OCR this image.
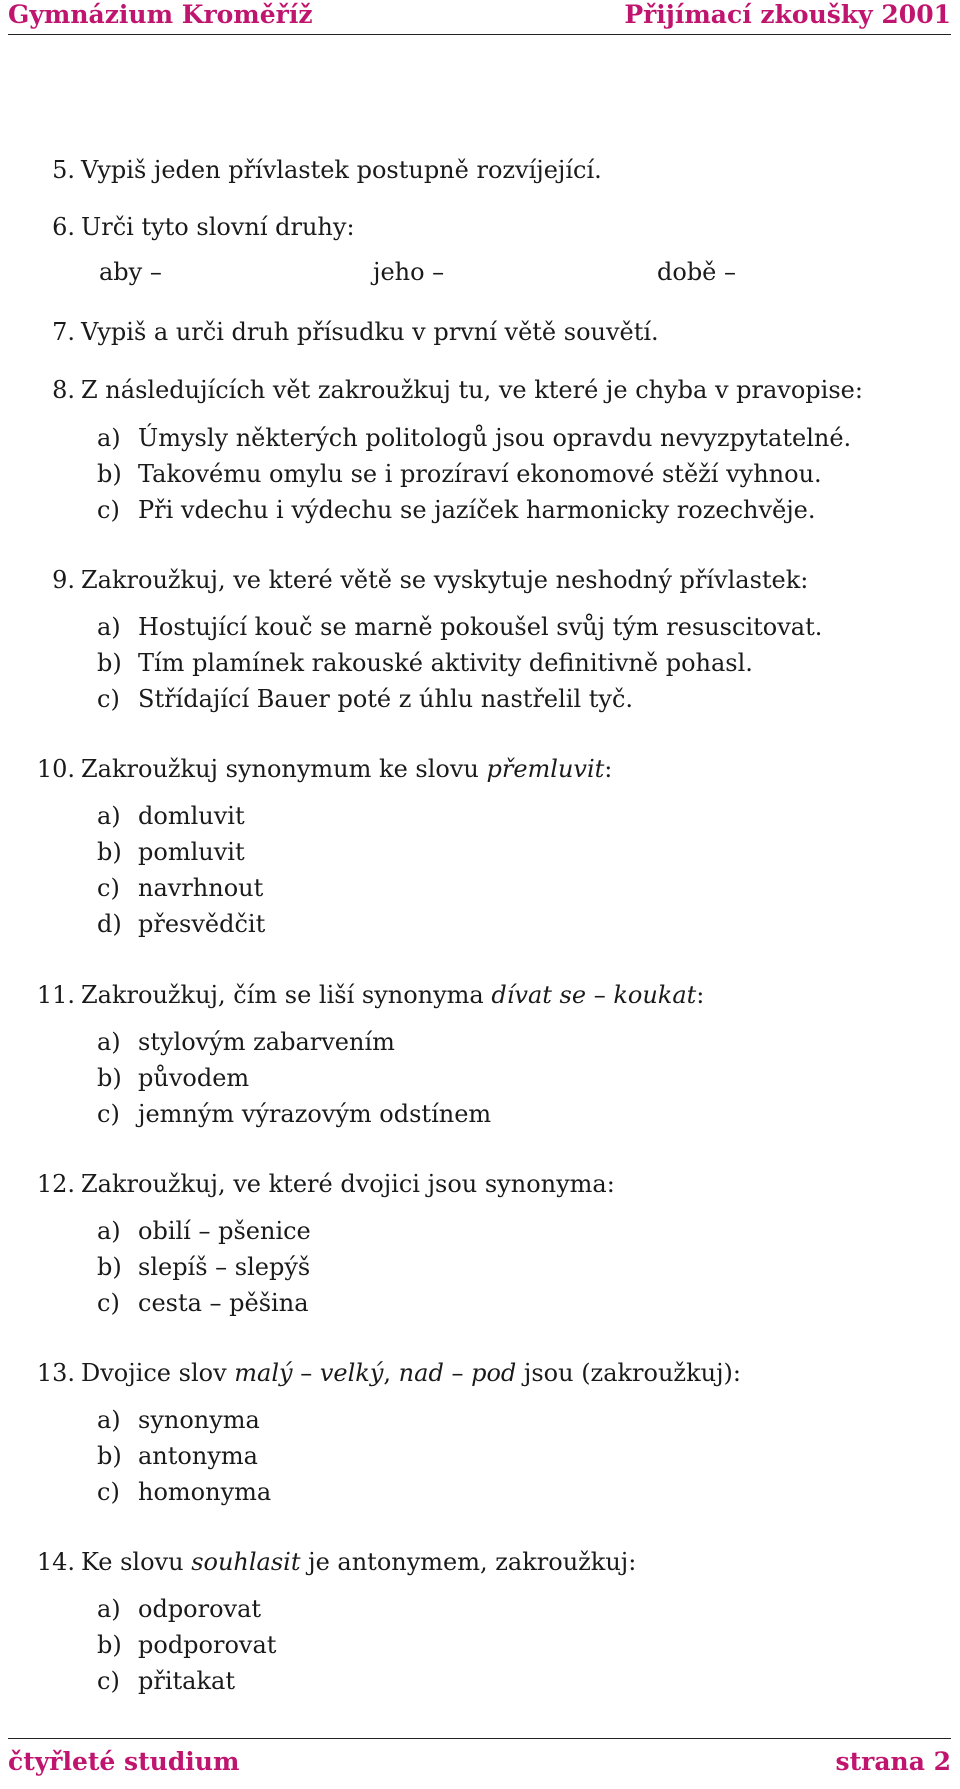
Gymnázium Kroměříž	Přijímací zkoušky 2001
5. Vypiš jeden přívlastek postupně rozvíjející.
6. Urči tyto slovní druhy:
aby –	jeho –	době –
7. Vypiš a urči druh přísudku v první větě souvětí.
8. Z následujících vět zakroužkuj tu, ve které je chyba v pravopise:
a) Úmysly některých politologů jsou opravdu nevyzpytatelné.
b) Takovému omylu se i prozíraví ekonomové stěží vyhnou.
c) Při vdechu i výdechu se jazíček harmonicky rozechvěje.
9. Zakroužkuj, ve které větě se vyskytuje neshodný přívlastek:
a) Hostující kouč se marně pokoušel svůj tým resuscitovat.
b) Tím plamínek rakouské aktivity definitivně pohasl.
c) Střídající Bauer poté z úhlu nastřelil tyč.
10. Zakroužkuj synonymum ke slovu přemluvit:
a) domluvit
b) pomluvit
c) navrhnout
d) přesvědčit
11. Zakroužkuj, čím se liší synonyma dívat se – koukat:
a) stylovým zabarvením
b) původem
c) jemným výrazovým odstínem
12. Zakroužkuj, ve které dvojici jsou synonyma:
a) obilí – pšenice
b) slepíš – slepýš
c) cesta – pěšina
13. Dvojice slov malý – velký, nad – pod jsou (zakroužkuj):
a) synonyma
b) antonyma
c) homonyma
14. Ke slovu souhlasit je antonymem, zakroužkuj:
a) odporovat
b) podporovat
c) přitakat
čtyřleté studium	strana 2
